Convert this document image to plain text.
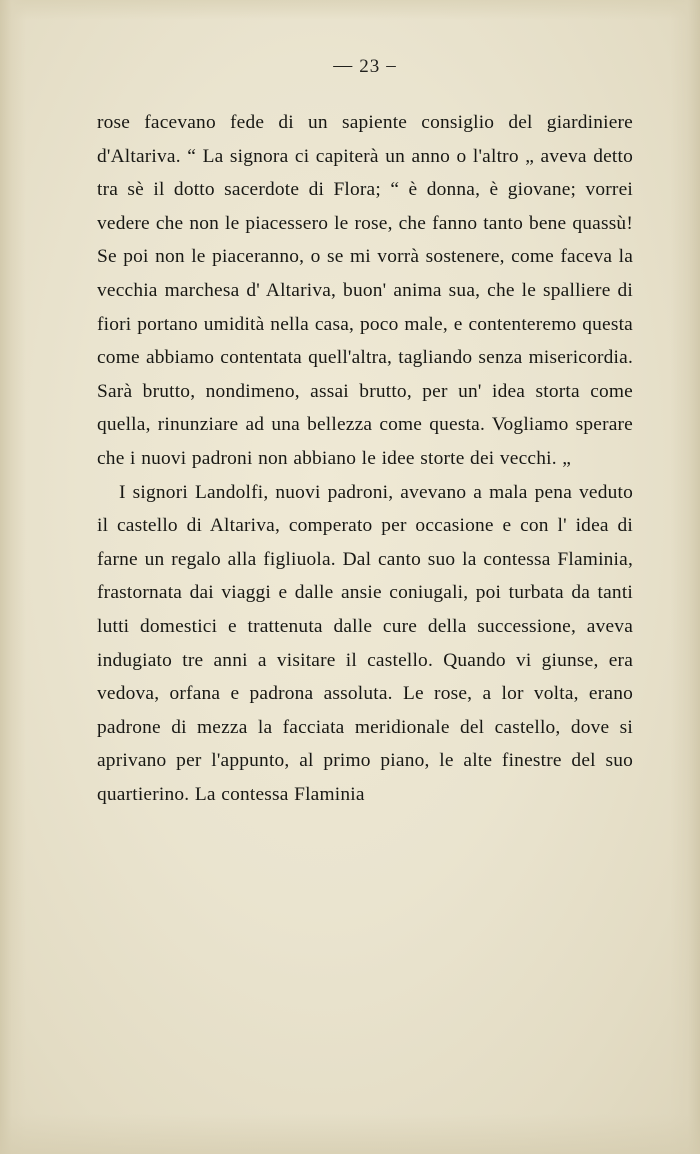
— 23 –

rose facevano fede di un sapiente consiglio del giardiniere d'Altariva. “ La signora ci capiterà un anno o l'altro „ aveva detto tra sè il dotto sacerdote di Flora; “ è donna, è giovane; vorrei vedere che non le piacessero le rose, che fanno tanto bene quassù! Se poi non le piaceranno, o se mi vorrà sostenere, come faceva la vecchia marchesa d' Altariva, buon' anima sua, che le spalliere di fiori portano umidità nella casa, poco male, e contenteremo questa come abbiamo contentata quell'altra, tagliando senza misericordia. Sarà brutto, nondimeno, assai brutto, per un' idea storta come quella, rinunziare ad una bellezza come questa. Vogliamo sperare che i nuovi padroni non abbiano le idee storte dei vecchi. „

I signori Landolfi, nuovi padroni, avevano a mala pena veduto il castello di Altariva, comperato per occasione e con l' idea di farne un regalo alla figliuola. Dal canto suo la contessa Flaminia, frastornata dai viaggi e dalle ansie coniugali, poi turbata da tanti lutti domestici e trattenuta dalle cure della successione, aveva indugiato tre anni a visitare il castello. Quando vi giunse, era vedova, orfana e padrona assoluta. Le rose, a lor volta, erano padrone di mezza la facciata meridionale del castello, dove si aprivano per l'appunto, al primo piano, le alte finestre del suo quartierino. La contessa Flaminia
